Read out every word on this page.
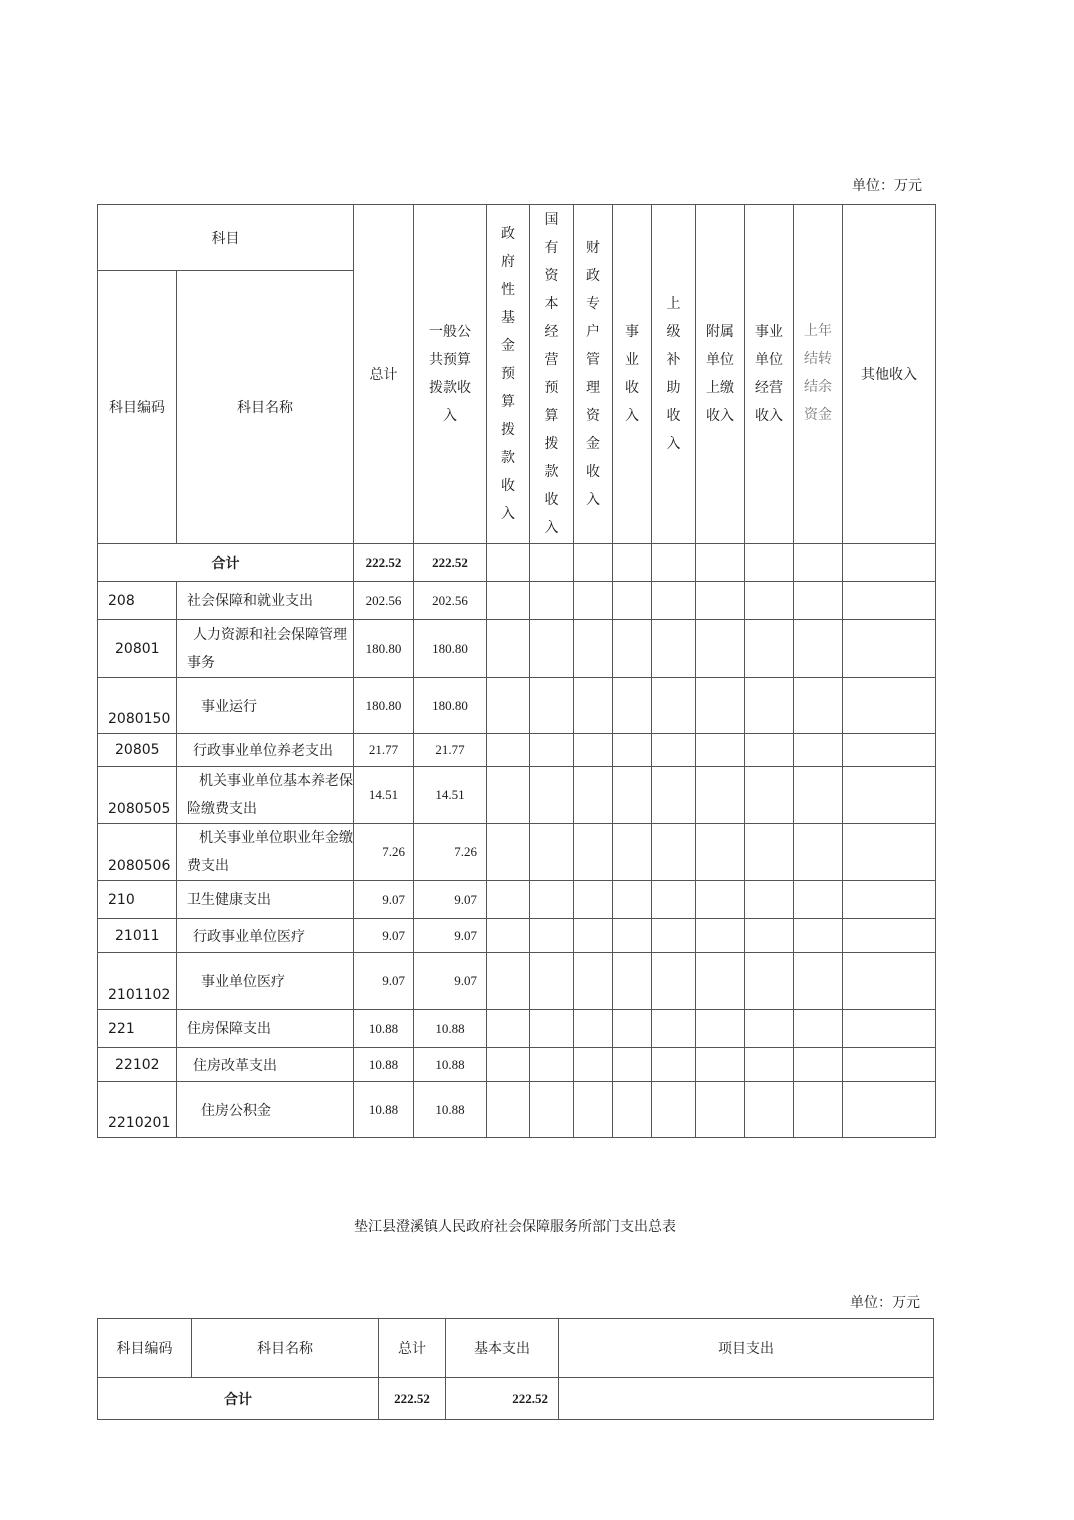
单位：万元
科目		总计	一般公共预算拨款收入	政府性基金预算拨款收入	国有资本经营预算拨款收入	财政专户管理资金收入	事业收入	上级补助收入	附属单位上缴收入	事业单位经营收入	上年结转结余资金	其他收入
科目编码	科目名称											
合计		222.52	222.52									
208	社会保障和就业支出	202.56	202.56									
20801	人力资源和社会保障管理事务	180.80	180.80									
2080150	事业运行	180.80	180.80									
20805	行政事业单位养老支出	21.77	21.77									
2080505	机关事业单位基本养老保险缴费支出	14.51	14.51									
2080506	机关事业单位职业年金缴费支出	7.26	7.26									
210	卫生健康支出	9.07	9.07									
21011	行政事业单位医疗	9.07	9.07									
2101102	事业单位医疗	9.07	9.07									
221	住房保障支出	10.88	10.88									
22102	住房改革支出	10.88	10.88									
2210201	住房公积金	10.88	10.88									
垫江县澄溪镇人民政府社会保障服务所部门支出总表
单位：万元
科目编码	科目名称	总计	基本支出	项目支出
合计		222.52	222.52	
